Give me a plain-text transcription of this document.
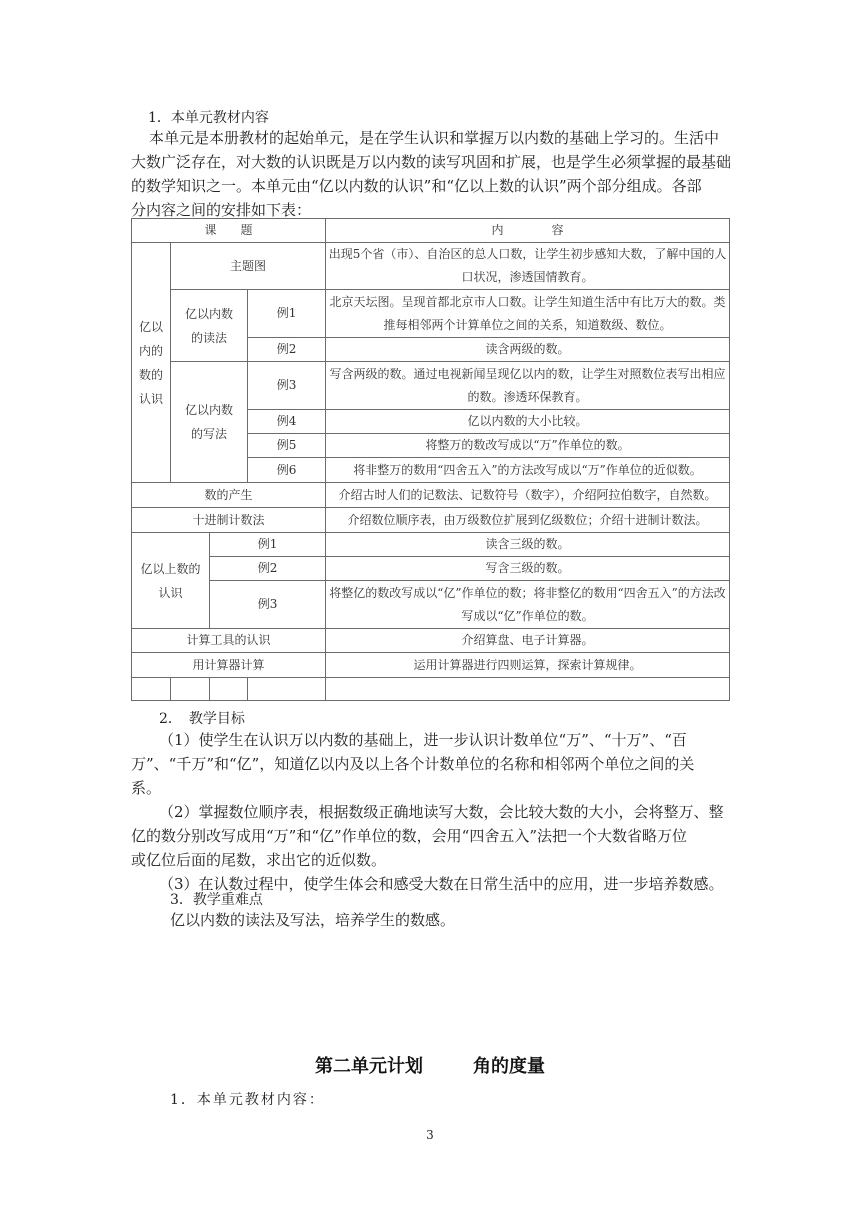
1．本单元教材内容
本单元是本册教材的起始单元，是在学生认识和掌握万以内数的基础上学习的。生活中
大数广泛存在，对大数的认识既是万以内数的读写巩固和扩展，也是学生必须掌握的最基础
的数学知识之一。本单元由“亿以内数的认识”和“亿以上数的认识”两个部分组成。各部
分内容之间的安排如下表：
课　　题				内　　　　容
亿以内的数的认识	主题图			出现5个省（市）、自治区的总人口数，让学生初步感知大数，了解中国的人口状况，渗透国情教育。
	亿以内数的读法		例1	北京天坛图。呈现首都北京市人口数。让学生知道生活中有比万大的数。类推每相邻两个计算单位之间的关系，知道数级、数位。
			例2	读含两级的数。
	亿以内数的写法		例3	写含两级的数。通过电视新闻呈现亿以内的数，让学生对照数位表写出相应的数。渗透环保教育。
			例4	亿以内数的大小比较。
			例5	将整万的数改写成以“万”作单位的数。
			例6	将非整万的数用“四舍五入”的方法改写成以“万”作单位的近似数。
数的产生				介绍古时人们的记数法、记数符号（数字），介绍阿拉伯数字，自然数。
十进制计数法				介绍数位顺序表，由万级数位扩展到亿级数位；介绍十进制计数法。
亿以上数的认识		例1		读含三级的数。
		例2		写含三级的数。
		例3		将整亿的数改写成以“亿”作单位的数；将非整亿的数用“四舍五入”的方法改写成以“亿”作单位的数。
计算工具的认识				介绍算盘、电子计算器。
用计算器计算				运用计算器进行四则运算，探索计算规律。

2．　教学目标
（1）使学生在认识万以内数的基础上，进一步认识计数单位“万”、“十万”、“百
万”、“千万”和“亿”，知道亿以内及以上各个计数单位的名称和相邻两个单位之间的关
系。
（2）掌握数位顺序表，根据数级正确地读写大数，会比较大数的大小，会将整万、整
亿的数分别改写成用“万”和“亿”作单位的数，会用“四舍五入”法把一个大数省略万位
或亿位后面的尾数，求出它的近似数。
（3）在认数过程中，使学生体会和感受大数在日常生活中的应用，进一步培养数感。
3．教学重难点
亿以内数的读法及写法，培养学生的数感。
第二单元计划	角的度量
1．本单元教材内容：
3
